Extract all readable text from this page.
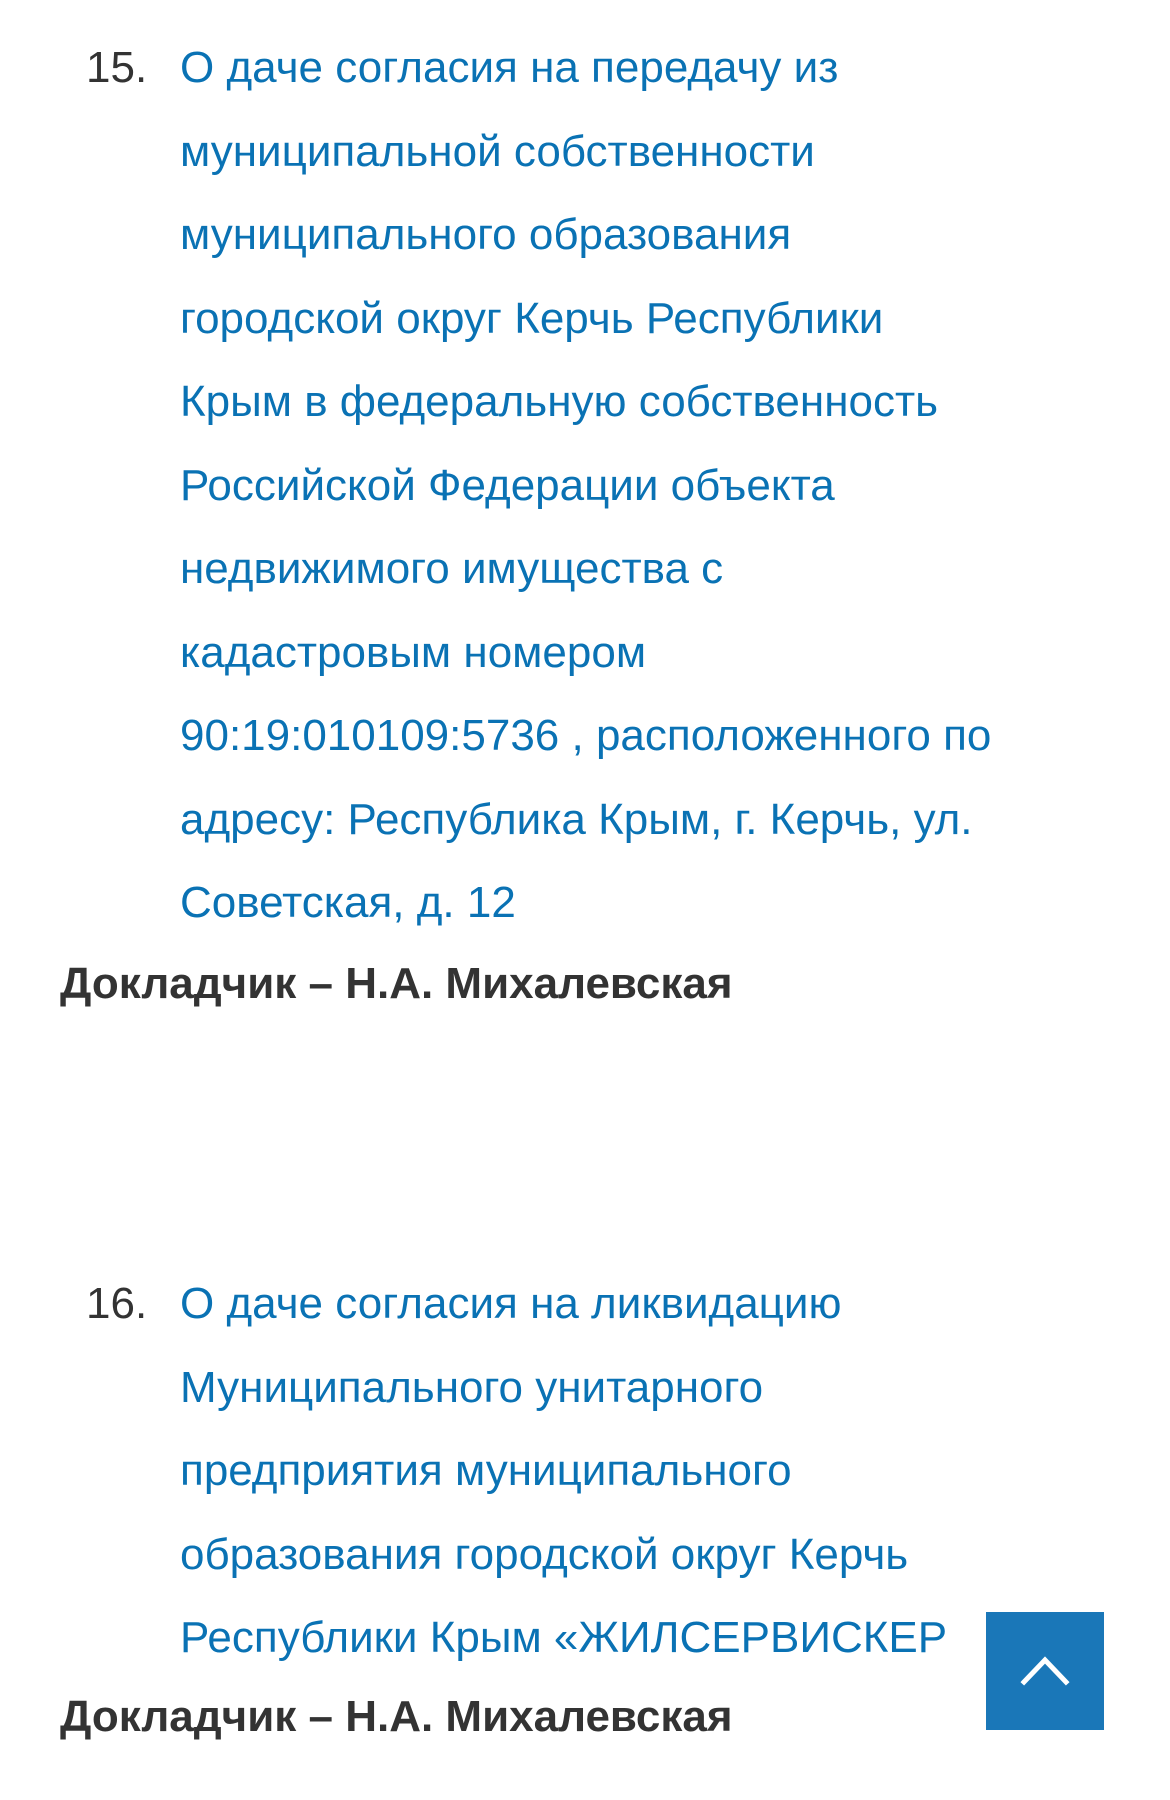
15. О даче согласия на передачу из
муниципальной собственности
муниципального образования
городской округ Керчь Республики
Крым в федеральную собственность
Российской Федерации объекта
недвижимого имущества с
кадастровым номером
90:19:010109:5736 , расположенного по
адресу: Республика Крым, г. Керчь, ул.
Советская, д. 12
Докладчик – Н.А. Михалевская
16. О даче согласия на ликвидацию
Муниципального унитарного
предприятия муниципального
образования городской округ Керчь
Республики Крым «ЖИЛСЕРВИСКЕР
Докладчик – Н.А. Михалевская
